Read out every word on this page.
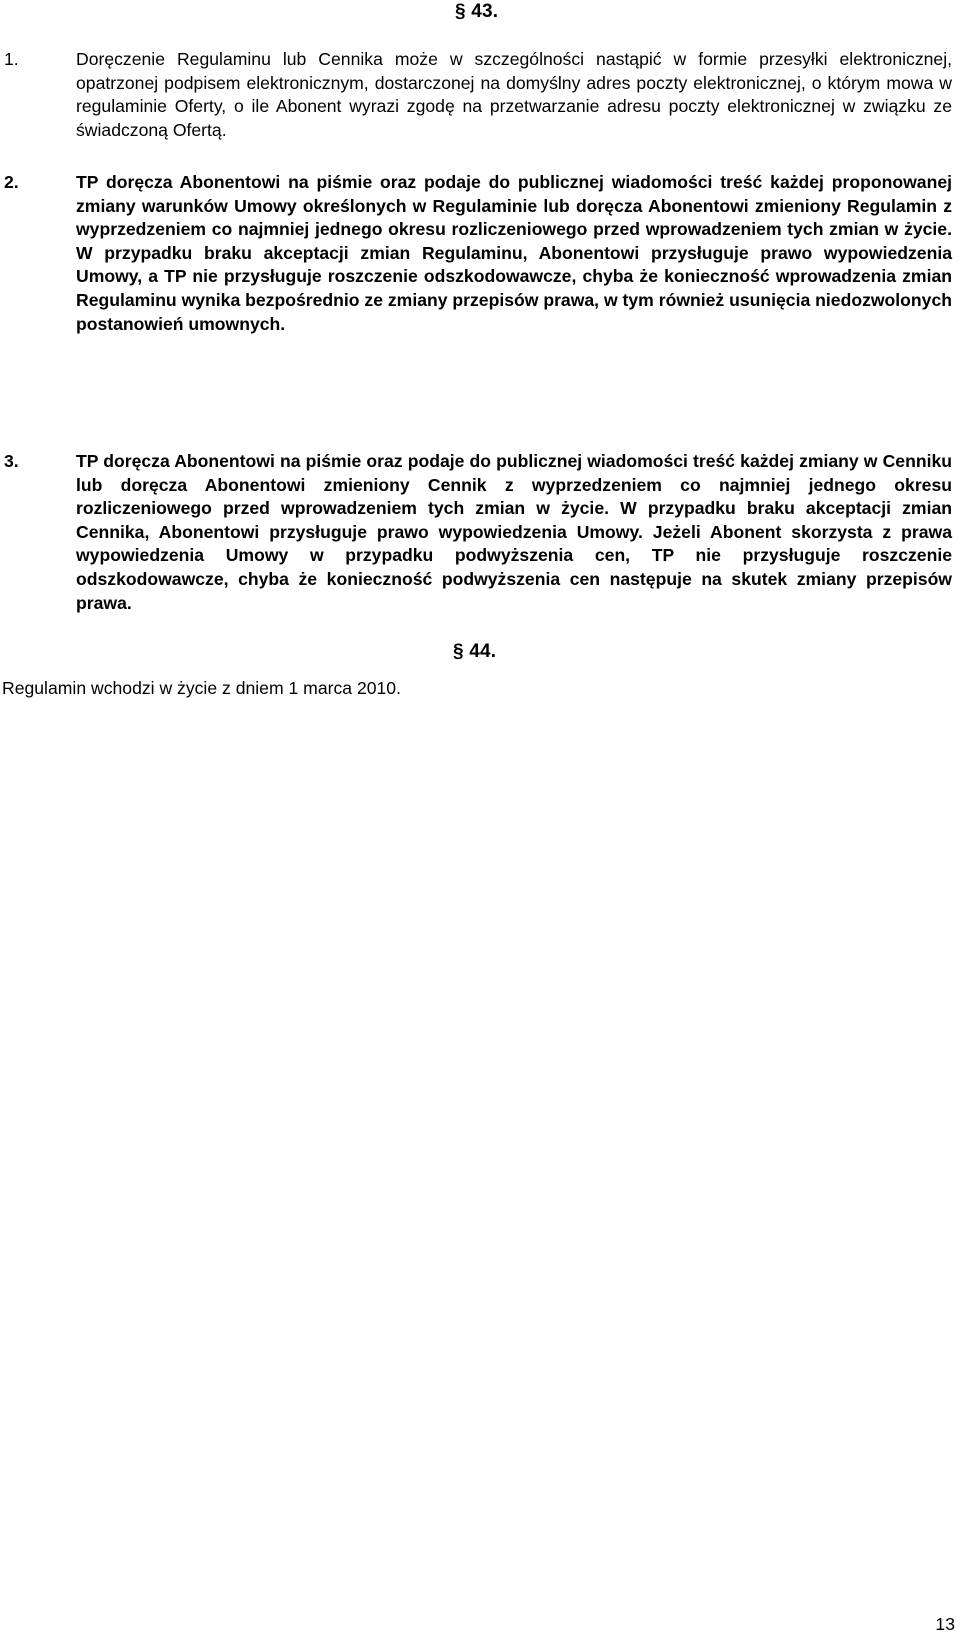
§ 43.
1.	Doręczenie Regulaminu lub Cennika może w szczególności nastąpić w formie przesyłki elektronicznej, opatrzonej podpisem elektronicznym, dostarczonej na domyślny adres poczty elektronicznej, o którym mowa w regulaminie Oferty, o ile Abonent wyrazi zgodę na przetwarzanie adresu poczty elektronicznej w związku ze świadczoną Ofertą.
2.	TP doręcza Abonentowi na piśmie oraz podaje do publicznej wiadomości treść każdej proponowanej zmiany warunków Umowy określonych w Regulaminie lub doręcza Abonentowi zmieniony Regulamin z wyprzedzeniem co najmniej jednego okresu rozliczeniowego przed wprowadzeniem tych zmian w życie. W przypadku braku akceptacji zmian Regulaminu, Abonentowi przysługuje prawo wypowiedzenia Umowy, a TP nie przysługuje roszczenie odszkodowawcze, chyba że konieczność wprowadzenia zmian Regulaminu wynika bezpośrednio ze zmiany przepisów prawa, w tym również usunięcia niedozwolonych postanowień umownych.
3.	TP doręcza Abonentowi na piśmie oraz podaje do publicznej wiadomości treść każdej zmiany w Cenniku lub doręcza Abonentowi zmieniony Cennik z wyprzedzeniem co najmniej jednego okresu rozliczeniowego przed wprowadzeniem tych zmian w życie. W przypadku braku akceptacji zmian Cennika, Abonentowi przysługuje prawo wypowiedzenia Umowy. Jeżeli Abonent skorzysta z prawa wypowiedzenia Umowy w przypadku podwyższenia cen, TP nie przysługuje roszczenie odszkodowawcze, chyba że konieczność podwyższenia cen następuje na skutek zmiany przepisów prawa.
§ 44.
Regulamin wchodzi w życie z dniem 1 marca 2010.
13
